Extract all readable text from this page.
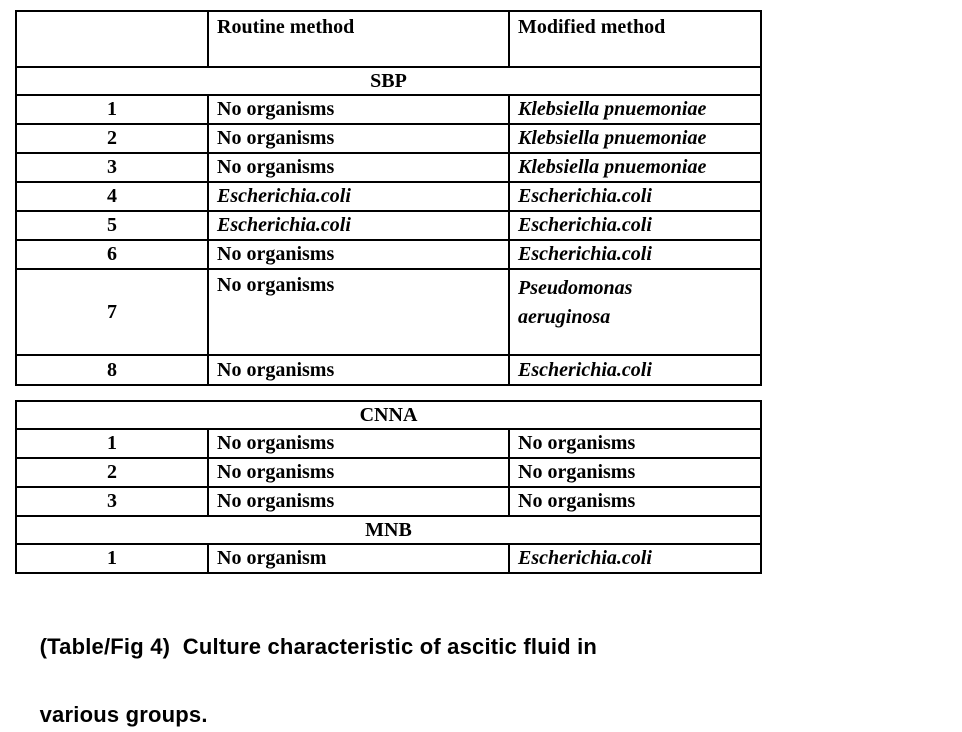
	Routine method	Modified method
SBP		
1	No organisms	Klebsiella pnuemoniae
2	No organisms	Klebsiella pnuemoniae
3	No organisms	Klebsiella pnuemoniae
4	Escherichia.coli	Escherichia.coli
5	Escherichia.coli	Escherichia.coli
6	No organisms	Escherichia.coli
7	No organisms	Pseudomonas
aeruginosa

8	No organisms	Escherichia.coli
CNNA		
1	No organisms	No organisms
2	No organisms	No organisms
3	No organisms	No organisms
MNB		
1	No organism	Escherichia.coli

(Table/Fig 4)  Culture characteristic of ascitic fluid in

various groups.
